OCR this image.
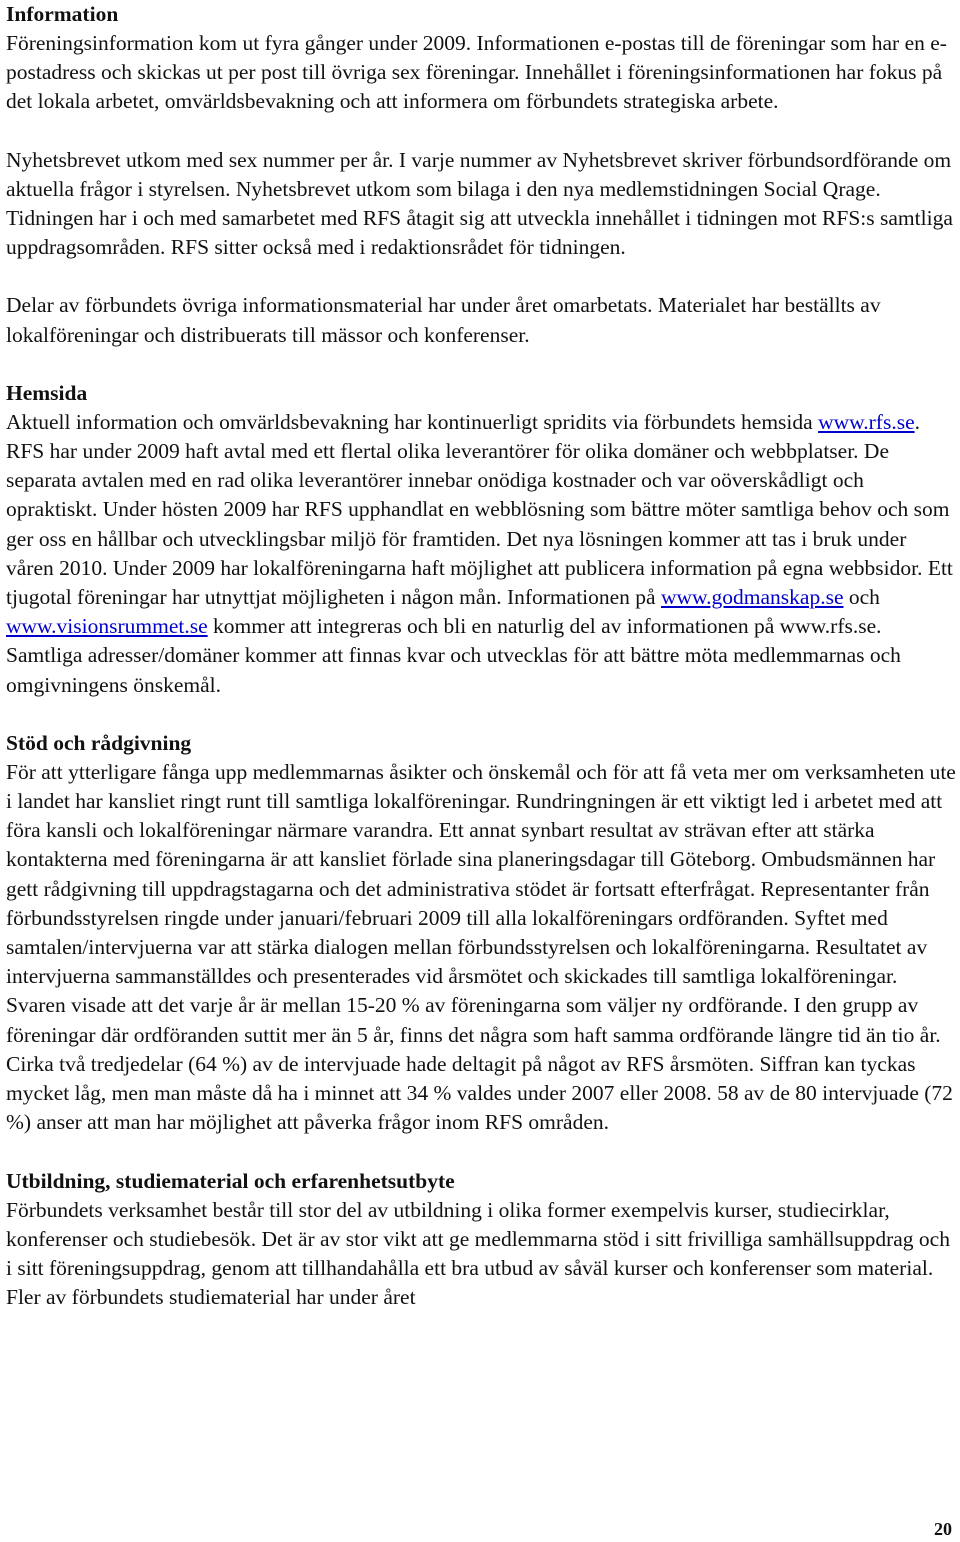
Information

Föreningsinformation kom ut fyra gånger under 2009. Informationen e-postas till de föreningar som har en e-postadress och skickas ut per post till övriga sex föreningar. Innehållet i föreningsinformationen har fokus på det lokala arbetet, omvärldsbevakning och att informera om förbundets strategiska arbete.

Nyhetsbrevet utkom med sex nummer per år. I varje nummer av Nyhetsbrevet skriver förbundsordförande om aktuella frågor i styrelsen. Nyhetsbrevet utkom som bilaga i den nya medlemstidningen Social Qrage. Tidningen har i och med samarbetet med RFS åtagit sig att utveckla innehållet i tidningen mot RFS:s samtliga uppdragsområden. RFS sitter också med i redaktionsrådet för tidningen.

Delar av förbundets övriga informationsmaterial har under året omarbetats. Materialet har beställts av lokalföreningar och distribuerats till mässor och konferenser.

Hemsida

Aktuell information och omvärldsbevakning har kontinuerligt spridits via förbundets hemsida www.rfs.se. RFS har under 2009 haft avtal med ett flertal olika leverantörer för olika domäner och webbplatser. De separata avtalen med en rad olika leverantörer innebar onödiga kostnader och var oöverskådligt och opraktiskt. Under hösten 2009 har RFS upphandlat en webblösning som bättre möter samtliga behov och som ger oss en hållbar och utvecklingsbar miljö för framtiden. Det nya lösningen kommer att tas i bruk under våren 2010. Under 2009 har lokalföreningarna haft möjlighet att publicera information på egna webbsidor. Ett tjugotal föreningar har utnyttjat möjligheten i någon mån. Informationen på www.godmanskap.se och www.visionsrummet.se kommer att integreras och bli en naturlig del av informationen på www.rfs.se. Samtliga adresser/domäner kommer att finnas kvar och utvecklas för att bättre möta medlemmarnas och omgivningens önskemål.

Stöd och rådgivning

För att ytterligare fånga upp medlemmarnas åsikter och önskemål och för att få veta mer om verksamheten ute i landet har kansliet ringt runt till samtliga lokalföreningar. Rundringningen är ett viktigt led i arbetet med att föra kansli och lokalföreningar närmare varandra. Ett annat synbart resultat av strävan efter att stärka kontakterna med föreningarna är att kansliet förlade sina planeringsdagar till Göteborg. Ombudsmännen har gett rådgivning till uppdragstagarna och det administrativa stödet är fortsatt efterfrågat. Representanter från förbundsstyrelsen ringde under januari/februari 2009 till alla lokalföreningars ordföranden. Syftet med samtalen/intervjuerna var att stärka dialogen mellan förbundsstyrelsen och lokalföreningarna. Resultatet av intervjuerna sammanställdes och presenterades vid årsmötet och skickades till samtliga lokalföreningar. Svaren visade att det varje år är mellan 15-20 % av föreningarna som väljer ny ordförande. I den grupp av föreningar där ordföranden suttit mer än 5 år, finns det några som haft samma ordförande längre tid än tio år. Cirka två tredjedelar (64 %) av de intervjuade hade deltagit på något av RFS årsmöten. Siffran kan tyckas mycket låg, men man måste då ha i minnet att 34 % valdes under 2007 eller 2008. 58 av de 80 intervjuade (72 %) anser att man har möjlighet att påverka frågor inom RFS områden.

Utbildning, studiematerial och erfarenhetsutbyte

Förbundets verksamhet består till stor del av utbildning i olika former exempelvis kurser, studiecirklar, konferenser och studiebesök. Det är av stor vikt att ge medlemmarna stöd i sitt frivilliga samhällsuppdrag och i sitt föreningsuppdrag, genom att tillhandahålla ett bra utbud av såväl kurser och konferenser som material. Fler av förbundets studiematerial har under året

20
